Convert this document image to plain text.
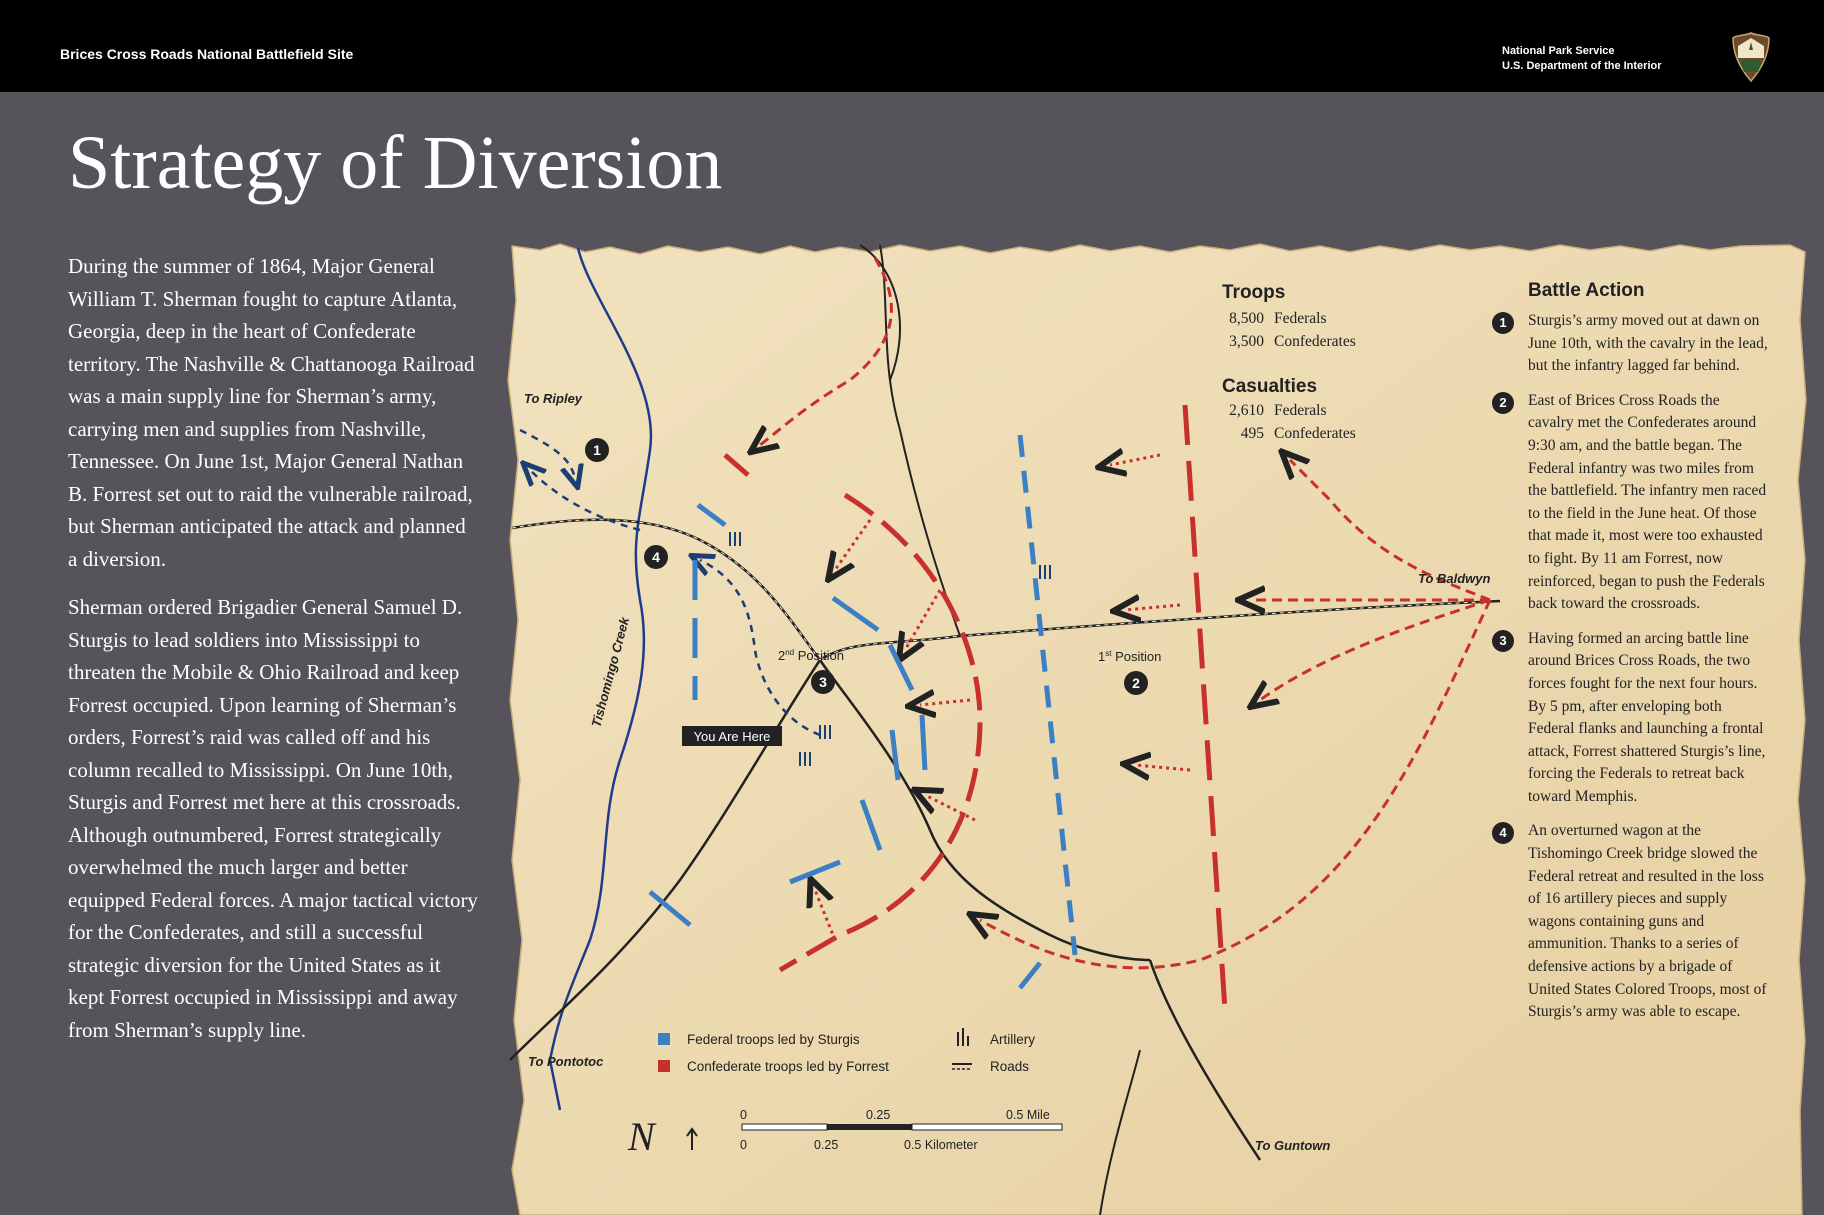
To Ripley
To Baldwyn
To Pontotoc
To Guntown
Tishomingo Creek	1st Position
2nd Position
You Are Here
1
2
3
4
Troops
8,500 Federals
3,500 Confederates
Casualties
2,610 Federals
495 Confederates
Federal troops led by Sturgis
Confederate troops led by Forrest
Artillery
Roads
N	0	0.25	0.5 Mile
0	0.25	0.5 Kilometer
Brices Cross Roads National Battlefield Site	National Park Service
U.S. Department of the Interior
Strategy of Diversion

During the summer of 1864, Major General William T. Sherman fought to capture Atlanta, Georgia, deep in the heart of Confederate territory. The Nashville & Chattanooga Railroad was a main supply line for Sherman’s army, carrying men and supplies from Nashville, Tennessee. On June 1st, Major General Nathan B. Forrest set out to raid the vulnerable railroad, but Sherman anticipated the attack and planned a diversion.

Sherman ordered Brigadier General Samuel D. Sturgis to lead soldiers into Mississippi to threaten the Mobile & Ohio Railroad and keep Forrest occupied. Upon learning of Sherman’s orders, Forrest’s raid was called off and his column recalled to Mississippi. On June 10th, Sturgis and Forrest met here at this crossroads. Although outnumbered, Forrest strategically overwhelmed the much larger and better equipped Federal forces. A major tactical victory for the Confederates, and still a successful strategic diversion for the United States as it kept Forrest occupied in Mississippi and away from Sherman’s supply line.

Battle Action
1	Sturgis’s army moved out at dawn on June 10th, with the cavalry in the lead, but the infantry lagged far behind.
2	East of Brices Cross Roads the cavalry met the Confederates around 9:30 am, and the battle began. The Federal infantry was two miles from the battlefield. The infantry men raced to the field in the June heat. Of those that made it, most were too exhausted to fight. By 11 am Forrest, now reinforced, began to push the Federals back toward the crossroads.
3	Having formed an arcing battle line around Brices Cross Roads, the two forces fought for the next four hours. By 5 pm, after enveloping both Federal flanks and launching a frontal attack, Forrest shattered Sturgis’s line, forcing the Federals to retreat back toward Memphis.
4	An overturned wagon at the Tishomingo Creek bridge slowed the Federal retreat and resulted in the loss of 16 artillery pieces and supply wagons containing guns and ammunition. Thanks to a series of defensive actions by a brigade of United States Colored Troops, most of Sturgis’s army was able to escape.
